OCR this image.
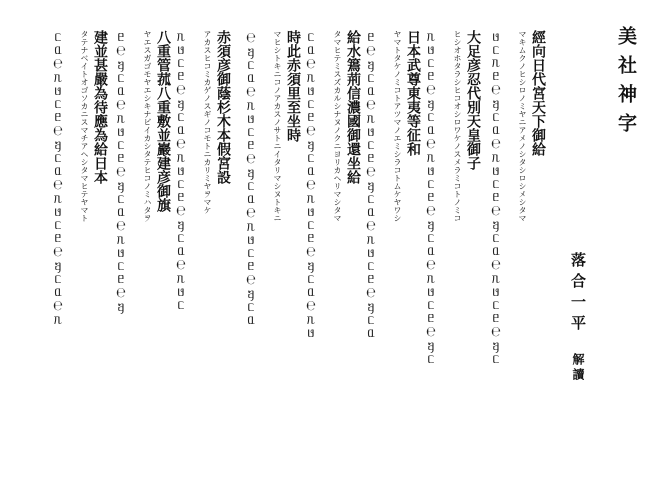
美社神字
落合一平 解讀
經向日代宮天下御給
マキムクノヒシロノミヤニアメノシタシロシメシタマ
ᥳᥴᥰᥱ℮ᥠᥴᥲ℮ᥰᥳᥴᥱ℮ᥠᥴᥲ℮ᥰᥳᥴᥱ℮ᥠᥴ
大足彦忍代別天皇御子
ヒシオホタラシヒコオシロワケノスメラミコトノミコ
ᥰᥳᥴᥱ℮ᥠᥴᥲ℮ᥰᥳᥴᥱ℮ᥠᥴᥲ℮ᥰᥳᥴᥱ℮ᥠᥴ
日本武尊東夷等征和
ヤマトタケノミコトアツマノエミシラコトムケヤワシ
ᥱ℮ᥠᥴᥲ℮ᥰᥳᥴᥱ℮ᥠᥴᥲ℮ᥰᥳᥴᥱ℮ᥠᥴᥲ
給水篶荊信濃國御還坐給
タマヒテミスズカルシナヌノクニヨリカヘリマシタマ
ᥴᥲ℮ᥰᥳᥴᥱ℮ᥠᥴᥲ℮ᥰᥳᥴᥱ℮ᥠᥴᥲ℮ᥰᥳ
時此赤須里至坐時
マヒシトキニコノアカスノサトニイタリマシヌトキニ
℮ᥠᥴᥲ℮ᥰᥳᥴᥱ℮ᥠᥴᥲ℮ᥰᥳᥴᥱ℮ᥠᥴᥲ
赤須彦御蔭杉木本假宮設
アカスヒコミカゲノスギノコモトニカリミヤヲマケ
ᥰᥳᥴᥱ℮ᥠᥴᥲ℮ᥰᥳᥴᥱ℮ᥠᥴᥲ℮ᥰᥳᥴ
八重管菰八重敷並巖建彦御旗
ヤエスガゴモヤエシキナビイカシタテヒコノミハタヲ
ᥱ℮ᥠᥴᥲ℮ᥰᥳᥴᥱ℮ᥠᥴᥲ℮ᥰᥳᥴᥱ℮ᥠ
建並甚嚴為待應為給日本
タテナベイトオゴソカニスマチアヘシタマヒテヤマト
ᥴᥲ℮ᥰᥳᥴᥱ℮ᥠᥴᥲ℮ᥰᥳᥴᥱ℮ᥠᥴᥲ℮ᥰ
